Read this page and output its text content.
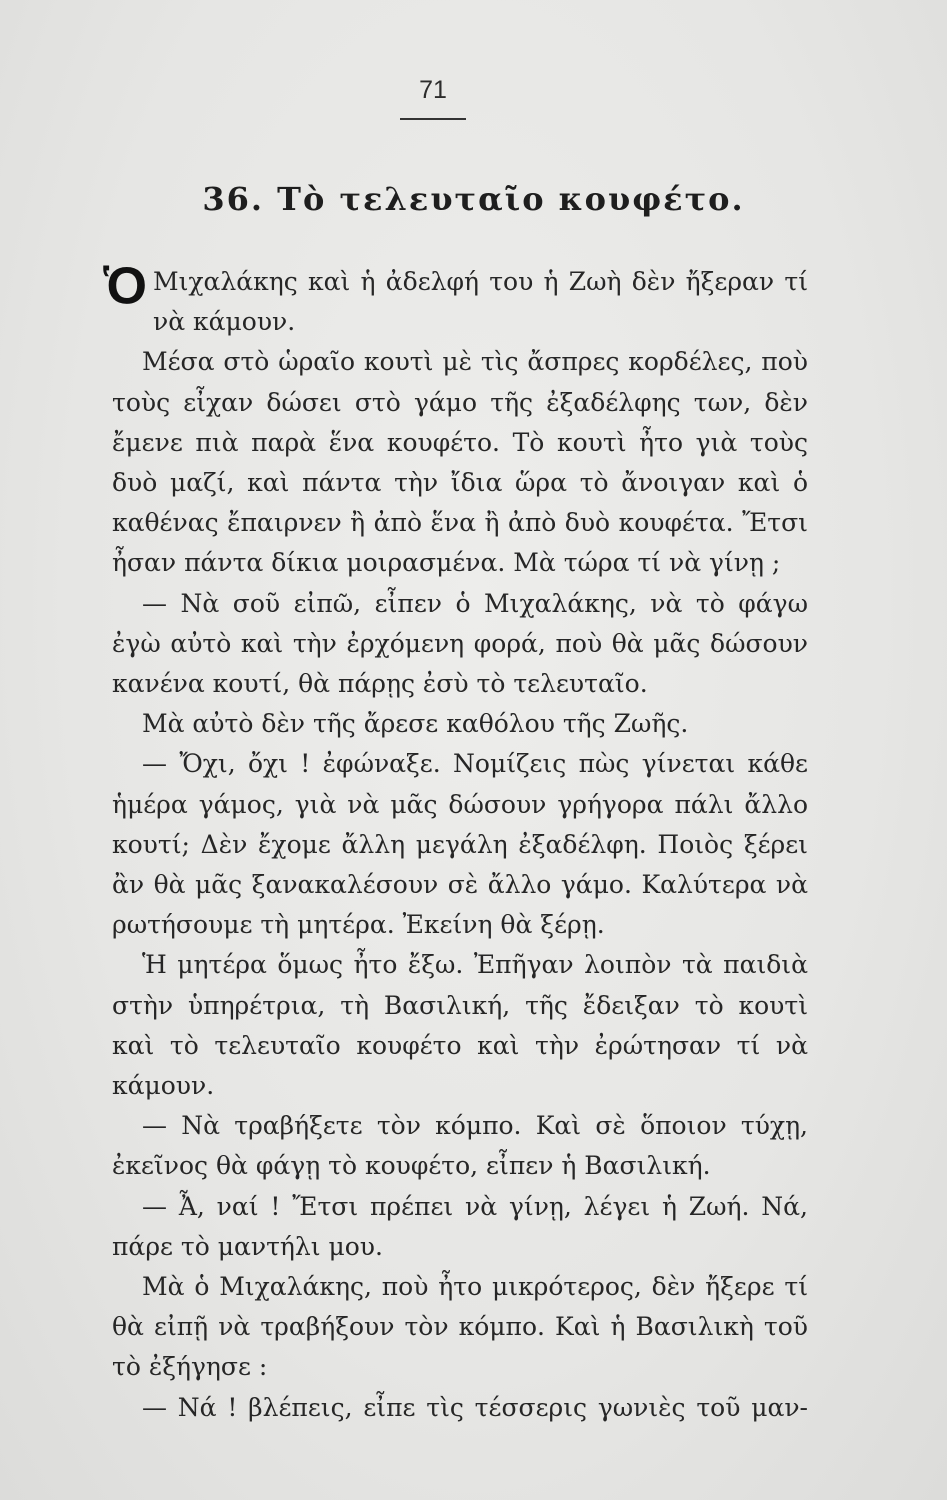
71
36. Τὸ τελευταῖο κουφέτο.

Ὁ Μιχαλάκης καὶ ἡ ἀδελφή του ἡ Ζωὴ δὲν ἤξεραν τί νὰ κάμουν.

Μέσα στὸ ὡραῖο κουτὶ μὲ τὶς ἄσπρες κορδέλες, ποὺ τοὺς εἶχαν δώσει στὸ γάμο τῆς ἐξαδέλφης των, δὲν ἔμενε πιὰ παρὰ ἕνα κουφέτο. Τὸ κουτὶ ἦτο γιὰ τοὺς δυὸ μαζί, καὶ πάντα τὴν ἴδια ὥρα τὸ ἄνοιγαν καὶ ὁ καθένας ἔπαιρνεν ἢ ἀπὸ ἕνα ἢ ἀπὸ δυὸ κουφέτα. Ἔτσι ἦσαν πάντα δίκια μοιρασμένα. Μὰ τώρα τί νὰ γίνῃ ;

— Νὰ σοῦ εἰπῶ, εἶπεν ὁ Μιχαλάκης, νὰ τὸ φάγω ἐγὼ αὐτὸ καὶ τὴν ἐρχόμενη φορά, ποὺ θὰ μᾶς δώσουν κανένα κουτί, θὰ πάρῃς ἐσὺ τὸ τελευταῖο.

Μὰ αὐτὸ δὲν τῆς ἄρεσε καθόλου τῆς Ζωῆς.

— Ὄχι, ὄχι ! ἐφώναξε. Νομίζεις πὼς γίνεται κάθε ἡμέρα γάμος, γιὰ νὰ μᾶς δώσουν γρήγορα πάλι ἄλλο κουτί; Δὲν ἔχομε ἄλλη μεγάλη ἐξαδέλφη. Ποιὸς ξέρει ἂν θὰ μᾶς ξανακαλέσουν σὲ ἄλλο γάμο. Καλύτερα νὰ ρωτήσουμε τὴ μητέρα. Ἐκείνη θὰ ξέρῃ.

Ἡ μητέρα ὅμως ἦτο ἔξω. Ἐπῆγαν λοιπὸν τὰ παιδιὰ στὴν ὑπηρέτρια, τὴ Βασιλική, τῆς ἔδειξαν τὸ κουτὶ καὶ τὸ τελευταῖο κουφέτο καὶ τὴν ἐρώτησαν τί νὰ κάμουν.

— Νὰ τραβήξετε τὸν κόμπο. Καὶ σὲ ὅποιον τύχῃ, ἐκεῖνος θὰ φάγῃ τὸ κουφέτο, εἶπεν ἡ Βασιλική.

— Ἆ, ναί ! Ἔτσι πρέπει νὰ γίνῃ, λέγει ἡ Ζωή. Νά, πάρε τὸ μαντήλι μου.

Μὰ ὁ Μιχαλάκης, ποὺ ἦτο μικρότερος, δὲν ἤξερε τί θὰ εἰπῇ νὰ τραβήξουν τὸν κόμπο. Καὶ ἡ Βασιλικὴ τοῦ τὸ ἐξήγησε :

— Νά ! βλέπεις, εἶπε τὶς τέσσερις γωνιὲς τοῦ μαν-
